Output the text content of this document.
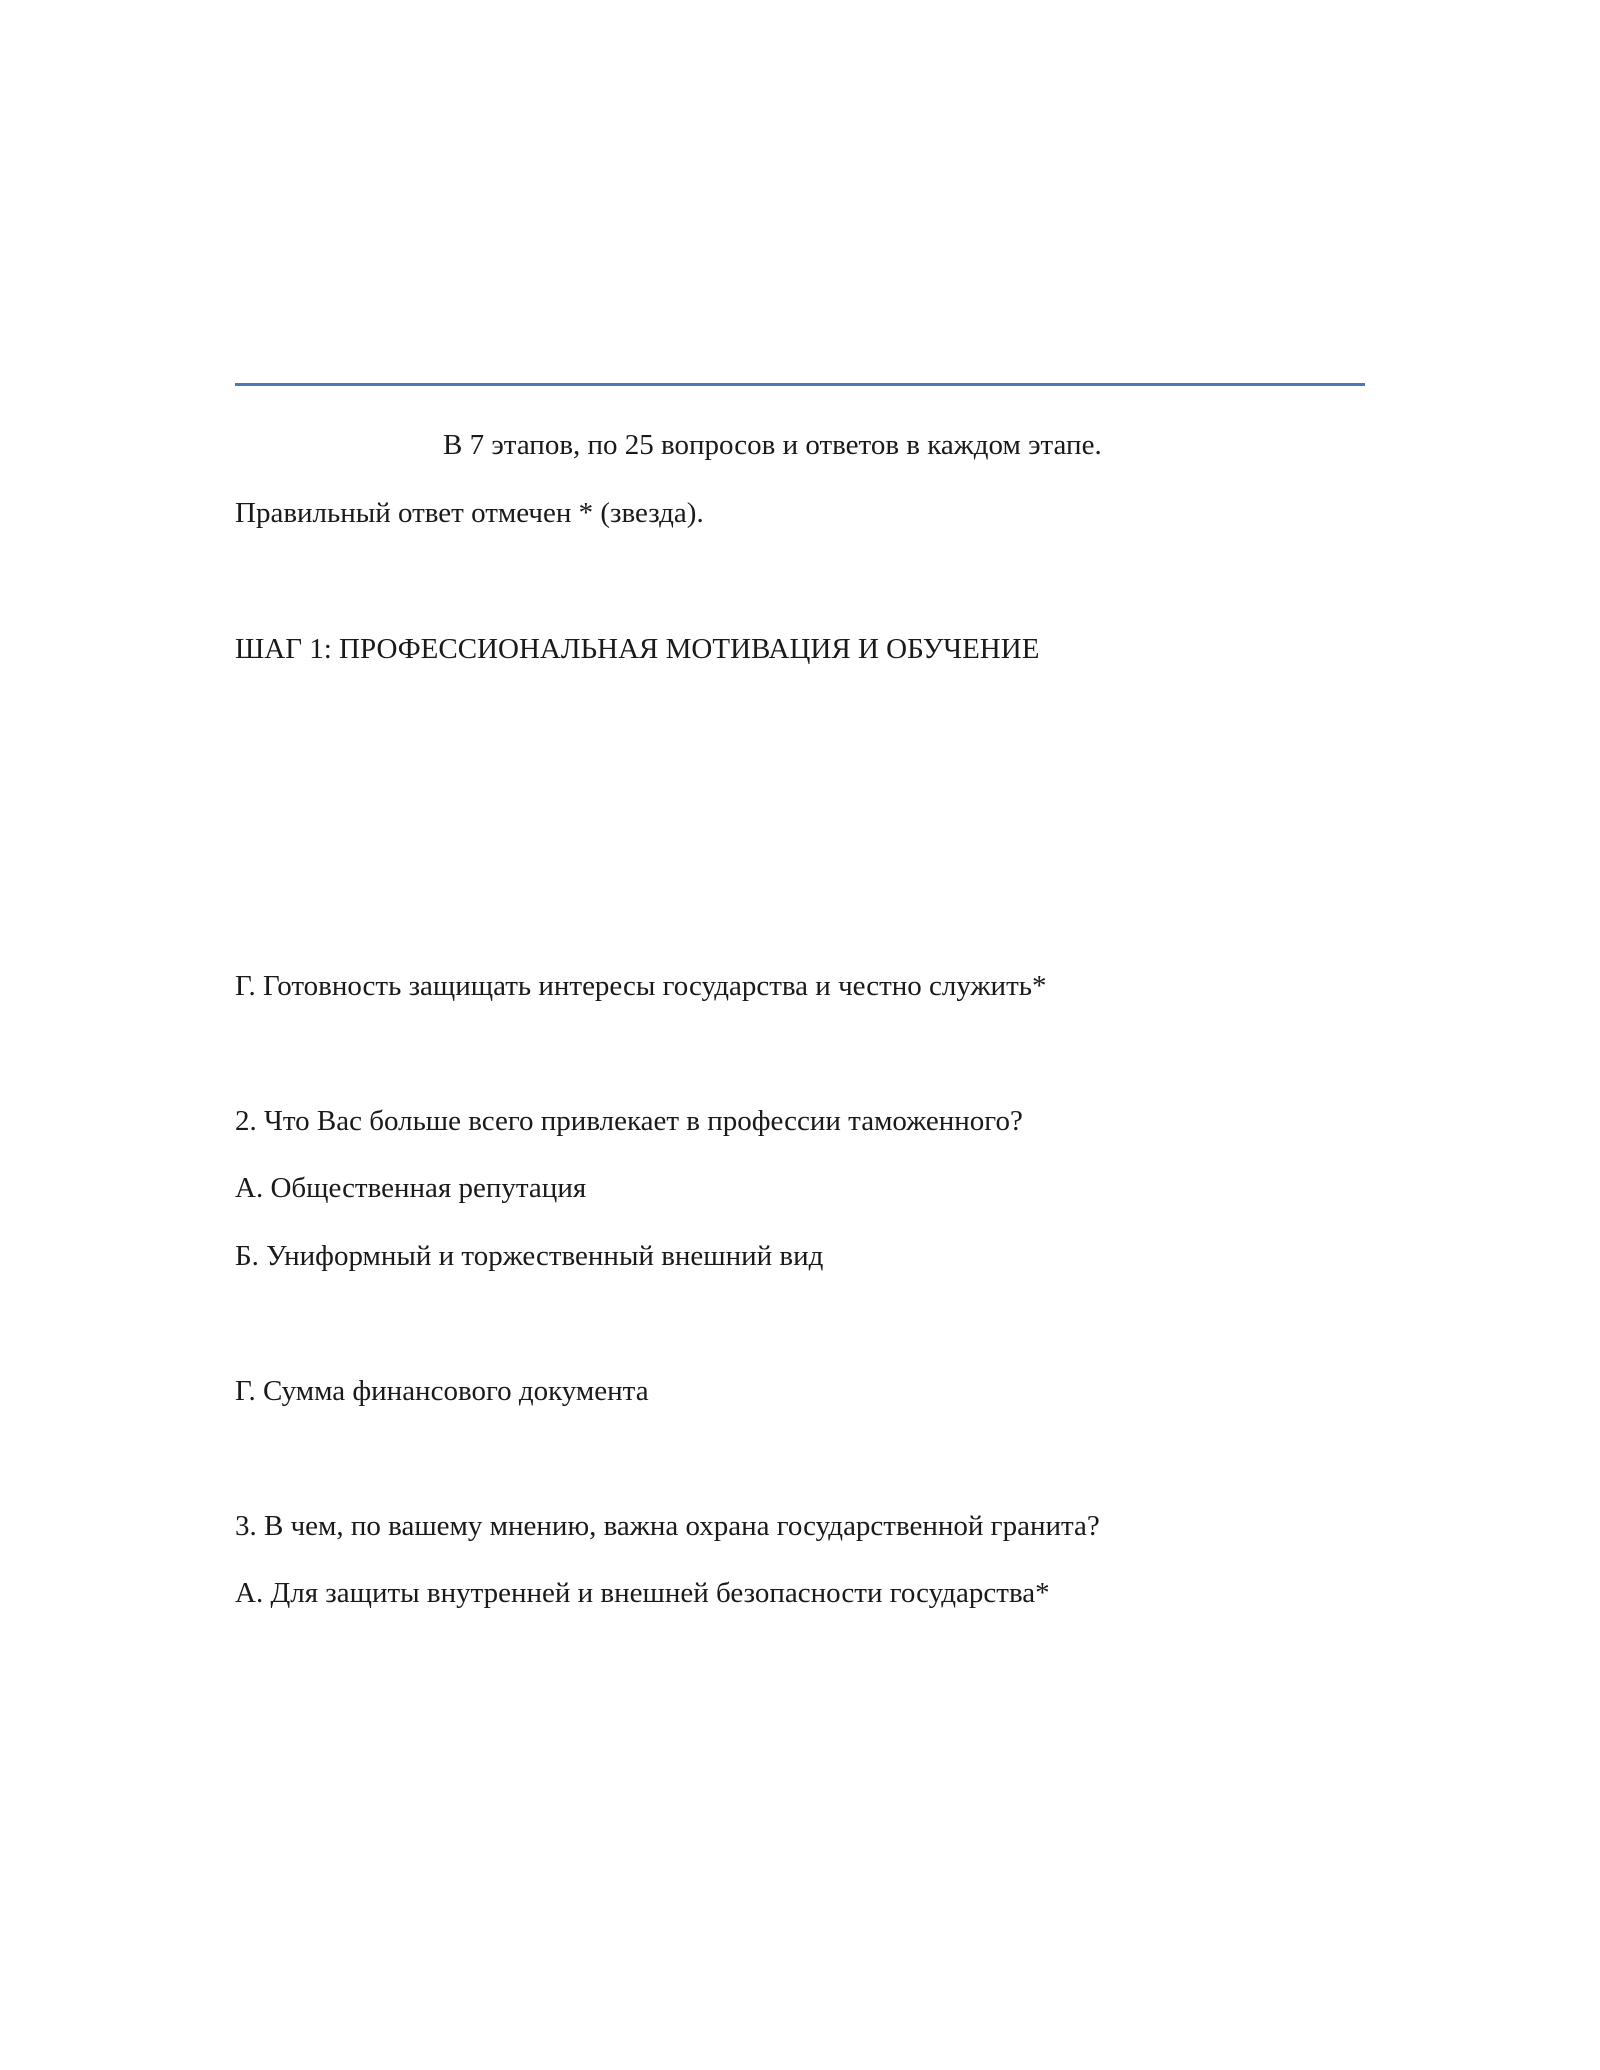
В 7 этапов, по 25 вопросов и ответов в каждом этапе.
Правильный ответ отмечен * (звезда).
ШАГ 1: ПРОФЕССИОНАЛЬНАЯ МОТИВАЦИЯ И ОБУЧЕНИЕ
Г. Готовность защищать интересы государства и честно служить*
2. Что Вас больше всего привлекает в профессии таможенного?
А. Общественная репутация
Б. Униформный и торжественный внешний вид
Г. Сумма финансового документа
3. В чем, по вашему мнению, важна охрана государственной гранита?
А. Для защиты внутренней и внешней безопасности государства*
